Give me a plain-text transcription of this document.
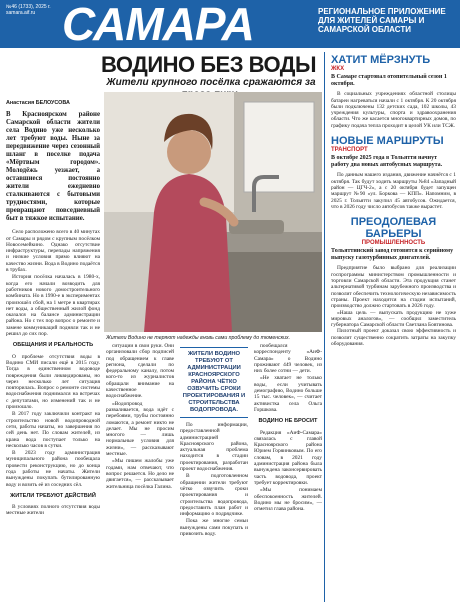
№46 (1733), 2025 г.
samara.aif.ru САМАРА	РЕГИОНАЛЬНОЕ ПРИЛОЖЕНИЕ ДЛЯ ЖИТЕЛЕЙ САМАРЫ И САМАРСКОЙ ОБЛАСТИ
ВОДИНО БЕЗ ВОДЫ
Жители крупного посёлка сражаются за
Анастасия БЕЛОУСОВА
В Красноярском районе Самарской области жители села Водино уже несколько лет требуют воды. Ныне за передвижение через сезонный шланг в поселке подача «Мёртвым городом». Молодёжь уезжает, а оставшиеся постоянно жители ежедневно сталкиваются с бытовыми трудностями, которые превращают повседневный быт в тяжкое испытание.

Село расположено всего в 40 минутах от Самары и рядом с крупным посёлком Новосемейкино. Однако отсутствие инфраструктуры, перепады напряжения и низкие условия прямо влияют на качество жизни. Вода в Водино подаётся в трубах.

История посёлка началась в 1980-х, когда его начали возводить для работников нового домостроительного комбината. Но в 1990-е в экспериментах произошёл сбой, на 1 метре в квартирах нет воды, а общественный жилой фонд оказался на балансе администрации района. Но с тех пор вопрос о ремонте и замене коммуникаций подняли так и не решил до сих пор.

ОБЕЩАНИЯ И РЕАЛЬНОСТЬ

О проблеме отсутствия воды в Водино СМИ писали ещё в 2015 году. Тогда в единственном водоводе повреждения были ликвидированы, но через несколько лет ситуация повторилась. Вопрос о ремонте системы водоснабжения поднимался на встречах с депутатами, но изменений так и не произошло.

В 2017 году заключили контракт на строительство новой водопроводной сети, работы начаты, но завершения по сей день нет. По словам жителей, из крана вода поступает только на несколько часов в сутки.

В 2023 году администрация муниципального района пообещала провести реконструкцию, но до конца года работы не начаты. Жители вынуждены покупать бутилированную воду и возить её из соседних сёл.

ЖИТЕЛИ ТРЕБУЮТ ДЕЙСТВИЙ

В условиях полного отсутствия воды местные жители

Жители Водино не теряют надежды вновь сами проблему до тюменских.

ситуации в свои руки. Они организовали сбор подписей под обращением к главе региона, сделали по федеральному каналу, потом кого-то из журналистов обращали внимание на качественное водоснабжение.

«Водопровод разваливается, вода идёт с перебоями, трубы постоянно ломаются, а ремонт никто не делает. Мы не просим многого — лишь нормальные условия для жизни», — рассказывают местные.

«Мы пишем жалобы уже годами, нам отвечают, что вопрос решается. Но дело не двигается», — рассказывает жительница посёлка Галина.

ЖИТЕЛИ ВОДИНО ТРЕБУЮТ ОТ АДМИНИСТРАЦИИ КРАСНОЯРСКОГО РАЙОНА ЧЁТКО ОЗВУЧИТЬ СРОКИ ПРОЕКТИРОВАНИЯ И СТРОИТЕЛЬСТВА ВОДОПРОВОДА.

По информации, предоставленной администрацией Красноярского района, актуальная проблема находится в стадии проектирования, разработан проект водоснабжения.

В подготовленном обращении жители требуют чётко озвучить сроки проектирования и строительства водопровода, предоставить план работ и информацию о подрядчике.

Пока же многие семьи вынуждены сами покупать и привозить воду.

пообещался корреспонденту «АиФ-Самара» о Водино проживают 449 человек, из них более сотни — дети.

«Не хватает не только воды, если учитывать демографию, Водино больше 15 тыс. человек», — считает активистка села Ольга Горшкова.

ВОДИНО НЕ БРОСИТ

Редакция «АиФ-Самара» связалась с главой Красноярского района Юрием Горяинковым. По его словам, в 2021 году администрация района была вынуждена законсервировать часть водовода, проект требует корректировки.

«Мы понимаем обеспокоенность жителей. Водино мы не бросим», — отметил глава района.

ХАТИТ МЁРЗНУТЬ
ЖКХ
В Самаре стартовал отопительный сезон 1 октября.

В социальных учреждениях областной столицы батареи нагреваться начали с 1 октября. К 20 октября были подключены 132 детских сада, 102 школы, 43 учреждения культуры, спорта и здравоохранения области. Что же касается многоквартирных домов, по графику подача тепла проходит в целой УК или ТСЖ.

НОВЫЕ МАРШРУТЫ
ТРАНСПОРТ
В октябре 2025 года в Тольятти начнут работу два новых автобусных маршрута.

По данным нашего издания, движение начнётся с 1 октября. Так будут ходить маршруты №84 «Западный район — ЦГЧ-2», а с 20 октября будет запущен маршрут №90 «ул. Боркова — КПП». Напомним, в 2025 г. Тольятти закупил 45 автобусов. Ожидается, что в 2026 году число автобусов также вырастет.

ПРЕОДОЛЕВАЯ БАРЬЕРЫ
ПРОМЫШЛЕННОСТЬ
Тольяттинский завод готовится к серийному выпуску газотурбинных двигателей.

Предприятие было выбрано для реализации госпрограммы министерством промышленности и торговли Самарской области. Эта продукция станет альтернативой турбинам зарубежного производства и позволит обеспечить технологическую независимость страны. Проект находится на стадии испытаний, производство должно стартовать в 2026 году.

«Наша цель — выпускать продукцию не хуже мировых аналогов», — сообщил заместитель губернатора Самарской области Светлана Бовтинова.

Пилотный проект доказал свою эффективность и позволит существенно сократить затраты на закупку оборудования.
